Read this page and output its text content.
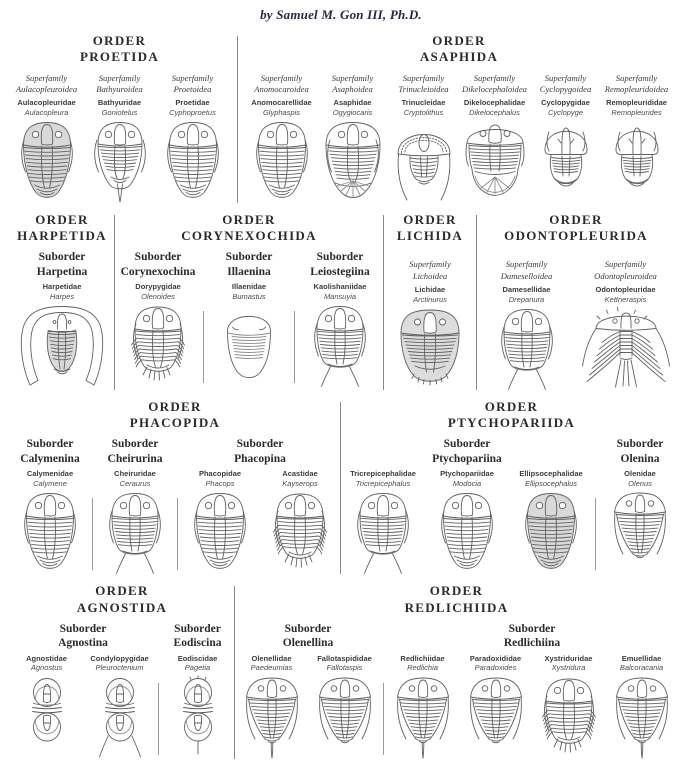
by Samuel M. Gon III, Ph.D.
ORDER
PROETIDA
Superfamily
Aulacopleuroidea
Aulacopleuridae
Aulacopleura
Superfamily
Bathyuroidea
Bathyuridae
Goniotelus
Superfamily
Proetoidea
Proetidae
Cyphoproetus
ORDER
ASAPHIDA
Superfamily
Anomocaroidea
Anomocarellidae
Glyphaspis
Superfamily
Asaphoidea
Asaphidae
Ogygiocaris
Superfamily
Trinucleioidea
Trinucleidae
Cryptolithus
Superfamily
Dikelocephaloidea
Dikelocephalidae
Dikelocephalus
Superfamily
Cyclopygoidea
Cyclopygidae
Cyclopyge
Superfamily
Remopleuridoidea
Remopleurididae
Remopleurides
ORDER
HARPETIDA
Suborder
Harpetina
Harpetidae
Harpes
ORDER
CORYNEXOCHIDA
Suborder
Corynexochina
Dorypygidae
Olenoides
Suborder
Illaenina
Illaenidae
Bumastus
Suborder
Leiostegiina
Kaolishaniidae
Mansuyia
ORDER
LICHIDA
Superfamily
Lichoidea
Lichidae
Arctinurus
ORDER
ODONTOPLEURIDA
Superfamily
Dameselloidea
Damesellidae
Drepanura
Superfamily
Odontopleuroidea
Odontopleuridae
Kettneraspis
ORDER
PHACOPIDA
Suborder
Calymenina
Calymenidae
Calymene
Suborder
Cheirurina
Cheiruridae
Ceraurus
Suborder
Phacopina
Phacopidae
Phacops
Acastidae
Kayserops
ORDER
PTYCHOPARIIDA
Suborder
Ptychopariina
Tricrepicephalidae
Tricrepicephalus
Ptychopariidae
Modocia
Ellipsocephalidae
Ellipsocephalus
Suborder
Olenina
Olenidae
Olenus
ORDER
AGNOSTIDA
Suborder
Agnostina
Agnostidae
Agnostus
Condylopygidae
Pleuroctenium
Suborder
Eodiscina
Eodiscidae
Pagetia
ORDER
REDLICHIIDA
Suborder
Olenellina
Olenellidae
Paedeumias
Fallotaspididae
Fallotaspis
Suborder
Redlichiina
Redlichiidae
Redlichia
Paradoxididae
Paradoxides
Xystriduridae
Xystridura
Emuellidae
Balcoracania
